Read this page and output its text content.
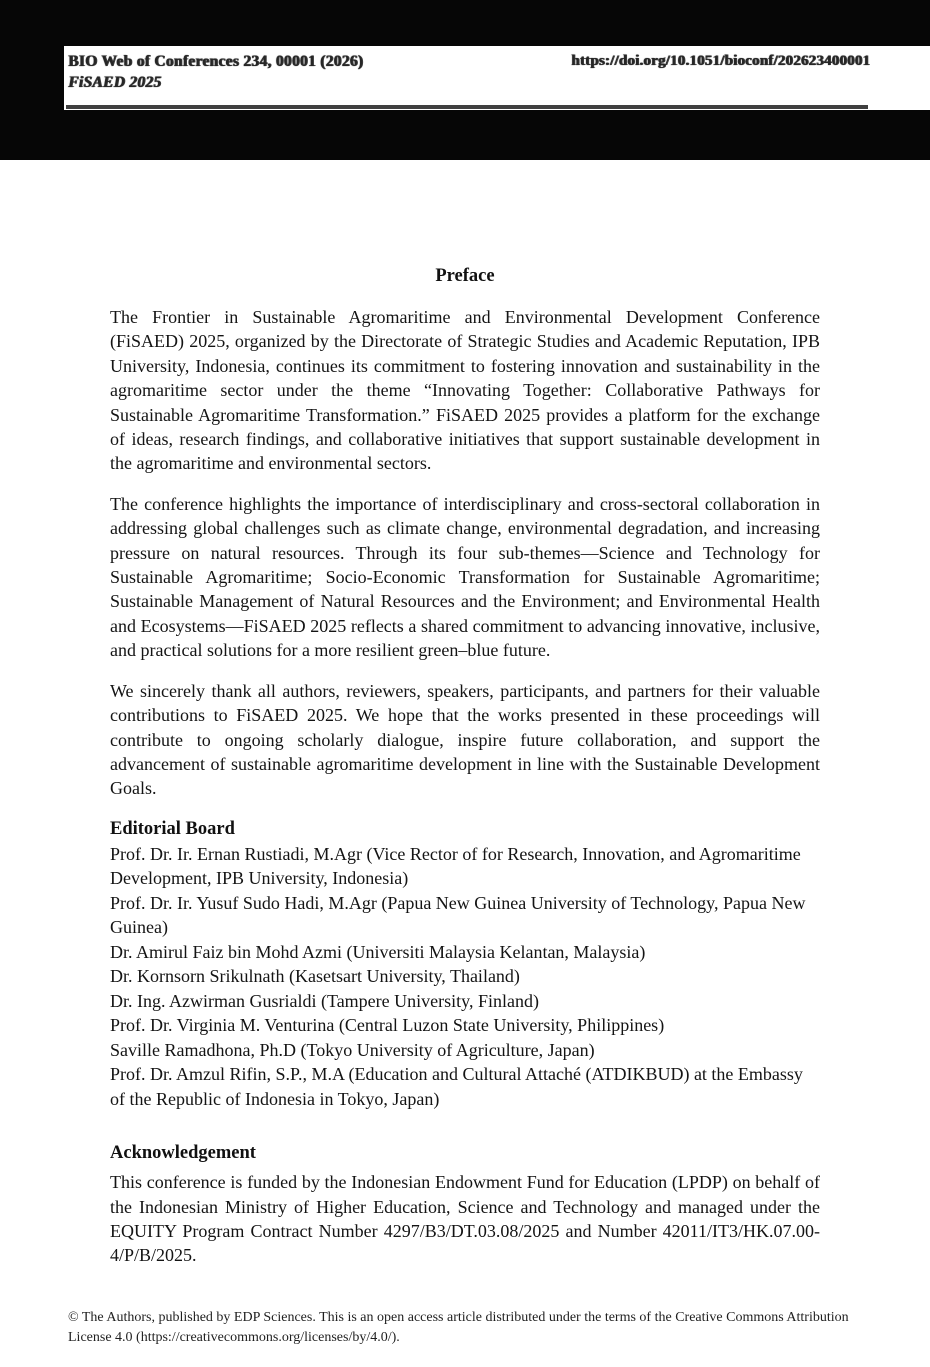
BIO Web of Conferences 234, 00001 (2026)
FiSAED 2025
https://doi.org/10.1051/bioconf/202623400001
Preface

The Frontier in Sustainable Agromaritime and Environmental Development Conference (FiSAED) 2025, organized by the Directorate of Strategic Studies and Academic Reputation, IPB University, Indonesia, continues its commitment to fostering innovation and sustainability in the agromaritime sector under the theme “Innovating Together: Collaborative Pathways for Sustainable Agromaritime Transformation.” FiSAED 2025 provides a platform for the exchange of ideas, research findings, and collaborative initiatives that support sustainable development in the agromaritime and environmental sectors.

The conference highlights the importance of interdisciplinary and cross-sectoral collaboration in addressing global challenges such as climate change, environmental degradation, and increasing pressure on natural resources. Through its four sub-themes—Science and Technology for Sustainable Agromaritime; Socio-Economic Transformation for Sustainable Agromaritime; Sustainable Management of Natural Resources and the Environment; and Environmental Health and Ecosystems—FiSAED 2025 reflects a shared commitment to advancing innovative, inclusive, and practical solutions for a more resilient green–blue future.

We sincerely thank all authors, reviewers, speakers, participants, and partners for their valuable contributions to FiSAED 2025. We hope that the works presented in these proceedings will contribute to ongoing scholarly dialogue, inspire future collaboration, and support the advancement of sustainable agromaritime development in line with the Sustainable Development Goals.

Editorial Board
Prof. Dr. Ir. Ernan Rustiadi, M.Agr (Vice Rector of for Research, Innovation, and Agromaritime Development, IPB University, Indonesia)
Prof. Dr. Ir. Yusuf Sudo Hadi, M.Agr (Papua New Guinea University of Technology, Papua New Guinea)
Dr. Amirul Faiz bin Mohd Azmi (Universiti Malaysia Kelantan, Malaysia)
Dr. Kornsorn Srikulnath (Kasetsart University, Thailand)
Dr. Ing. Azwirman Gusrialdi (Tampere University, Finland)
Prof. Dr. Virginia M. Venturina (Central Luzon State University, Philippines)
Saville Ramadhona, Ph.D (Tokyo University of Agriculture, Japan)
Prof. Dr. Amzul Rifin, S.P., M.A (Education and Cultural Attaché (ATDIKBUD) at the Embassy of the Republic of Indonesia in Tokyo, Japan)
Acknowledgement

This conference is funded by the Indonesian Endowment Fund for Education (LPDP) on behalf of the Indonesian Ministry of Higher Education, Science and Technology and managed under the EQUITY Program Contract Number 4297/B3/DT.03.08/2025 and Number 42011/IT3/HK.07.00-4/P/B/2025.

© The Authors, published by EDP Sciences. This is an open access article distributed under the terms of the Creative Commons Attribution License 4.0 (https://creativecommons.org/licenses/by/4.0/).
